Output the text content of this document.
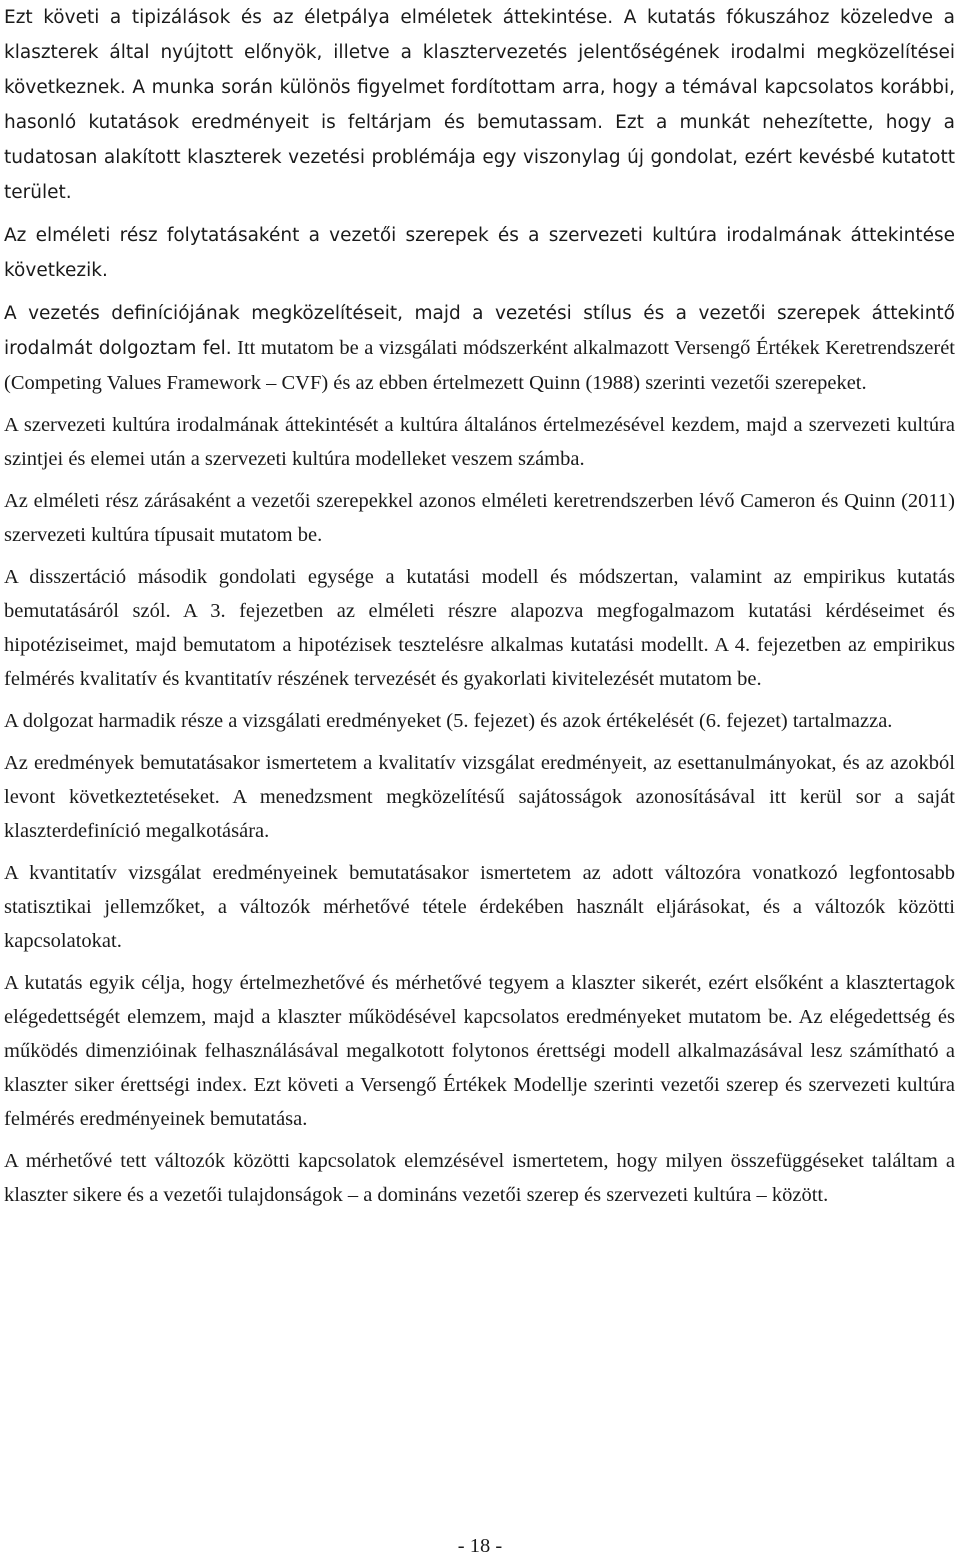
Ezt követi a tipizálások és az életpálya elméletek áttekintése. A kutatás fókuszához közeledve a klaszterek által nyújtott előnyök, illetve a klasztervezetés jelentőségének irodalmi megközelítései következnek. A munka során különös figyelmet fordítottam arra, hogy a témával kapcsolatos korábbi, hasonló kutatások eredményeit is feltárjam és bemutassam. Ezt a munkát nehezítette, hogy a tudatosan alakított klaszterek vezetési problémája egy viszonylag új gondolat, ezért kevésbé kutatott terület.

Az elméleti rész folytatásaként a vezetői szerepek és a szervezeti kultúra irodalmának áttekintése következik.

A vezetés definíciójának megközelítéseit, majd a vezetési stílus és a vezetői szerepek áttekintő irodalmát dolgoztam fel. Itt mutatom be a vizsgálati módszerként alkalmazott Versengő Értékek Keretrendszerét (Competing Values Framework – CVF) és az ebben értelmezett Quinn (1988) szerinti vezetői szerepeket.

A szervezeti kultúra irodalmának áttekintését a kultúra általános értelmezésével kezdem, majd a szervezeti kultúra szintjei és elemei után a szervezeti kultúra modelleket veszem számba.

Az elméleti rész zárásaként a vezetői szerepekkel azonos elméleti keretrendszerben lévő Cameron és Quinn (2011) szervezeti kultúra típusait mutatom be.

A disszertáció második gondolati egysége a kutatási modell és módszertan, valamint az empirikus kutatás bemutatásáról szól. A 3. fejezetben az elméleti részre alapozva megfogalmazom kutatási kérdéseimet és hipotéziseimet, majd bemutatom a hipotézisek tesztelésre alkalmas kutatási modellt. A 4. fejezetben az empirikus felmérés kvalitatív és kvantitatív részének tervezését és gyakorlati kivitelezését mutatom be.

A dolgozat harmadik része a vizsgálati eredményeket (5. fejezet) és azok értékelését (6. fejezet) tartalmazza.

Az eredmények bemutatásakor ismertetem a kvalitatív vizsgálat eredményeit, az esettanulmányokat, és az azokból levont következtetéseket. A menedzsment megközelítésű sajátosságok azonosításával itt kerül sor a saját klaszterdefiníció megalkotására.

A kvantitatív vizsgálat eredményeinek bemutatásakor ismertetem az adott változóra vonatkozó legfontosabb statisztikai jellemzőket, a változók mérhetővé tétele érdekében használt eljárásokat, és a változók közötti kapcsolatokat.

A kutatás egyik célja, hogy értelmezhetővé és mérhetővé tegyem a klaszter sikerét, ezért elsőként a klasztertagok elégedettségét elemzem, majd a klaszter működésével kapcsolatos eredményeket mutatom be. Az elégedettség és működés dimenzióinak felhasználásával megalkotott folytonos érettségi modell alkalmazásával lesz számítható a klaszter siker érettségi index. Ezt követi a Versengő Értékek Modellje szerinti vezetői szerep és szervezeti kultúra felmérés eredményeinek bemutatása.

A mérhetővé tett változók közötti kapcsolatok elemzésével ismertetem, hogy milyen összefüggéseket találtam a klaszter sikere és a vezetői tulajdonságok – a domináns vezetői szerep és szervezeti kultúra – között.

- 18 -
